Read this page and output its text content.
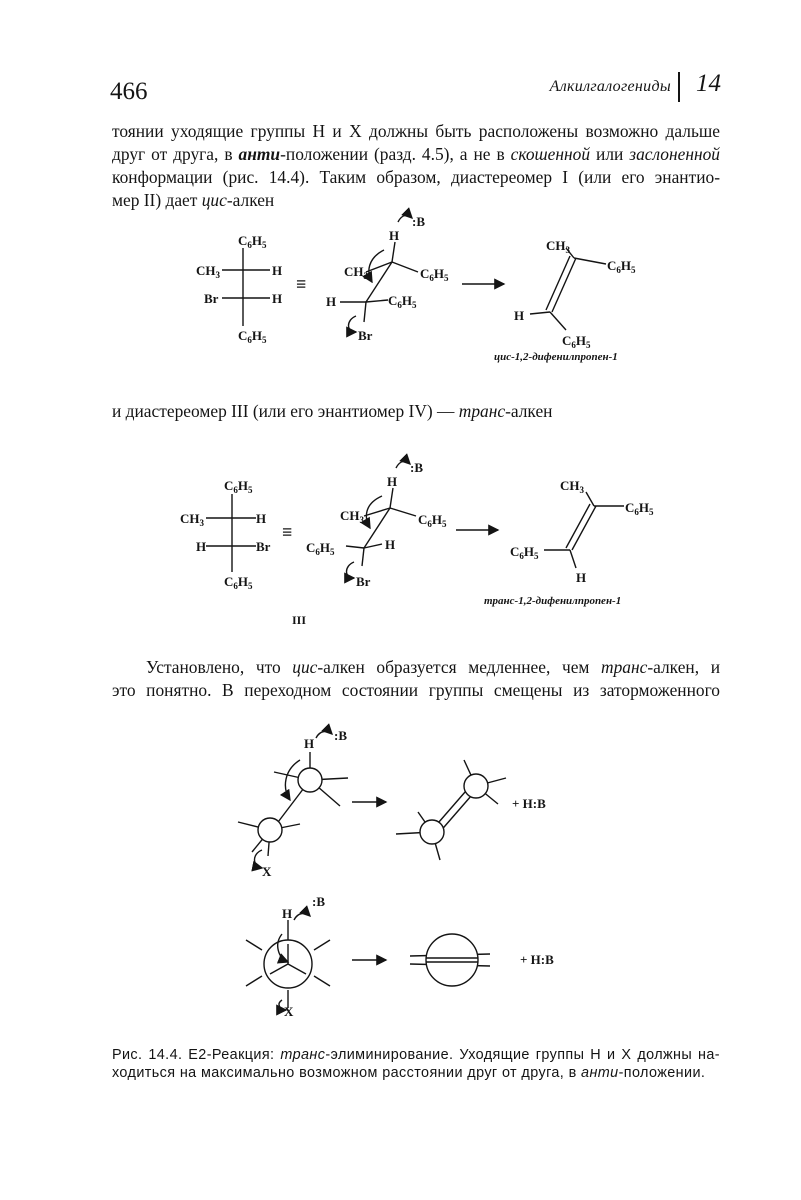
466	Алкилгалогениды 14

тоянии уходящие группы Н и X должны быть расположены возможно дальше

друг от друга, в анти-положении (разд. 4.5), а не в скошенной или заслоненной

конформации (рис. 14.4). Таким образом, диастереомер I (или его энантио-

мер II) дает цис-алкен

и диастереомер III (или его энантиомер IV) — транс-алкен

Установлено, что цис-алкен образуется медленнее, чем транс-алкен, и

это понятно. В переходном состоянии группы смещены из заторможенного

$C_6H_5$
$CH_3$	H
Br	H
$C_6H_5$
≡
:B
H
$CH_3$	$C_6H_5$
H	$C_6H_5$
Br
$CH_3$
$C_6H_5$
H
$C_6H_5$
цис-1,2-дифенилпропен-1
$C_6H_5$
$CH_3$	H
H	Br
$C_6H_5$
≡
III
:B
H
$CH_3$	$C_6H_5$
$C_6H_5$	H
Br
$CH_3$
$C_6H_5$
$C_6H_5$
H
транс-1,2-дифенилпропен-1
:B
H
X
+ H:B
:B
H
X
+ H:B
Рис. 14.4. E2-Реакция: транс-элиминирование. Уходящие группы H и X должны на-
ходиться на максимально возможном расстоянии друг от друга, в анти-положении.
